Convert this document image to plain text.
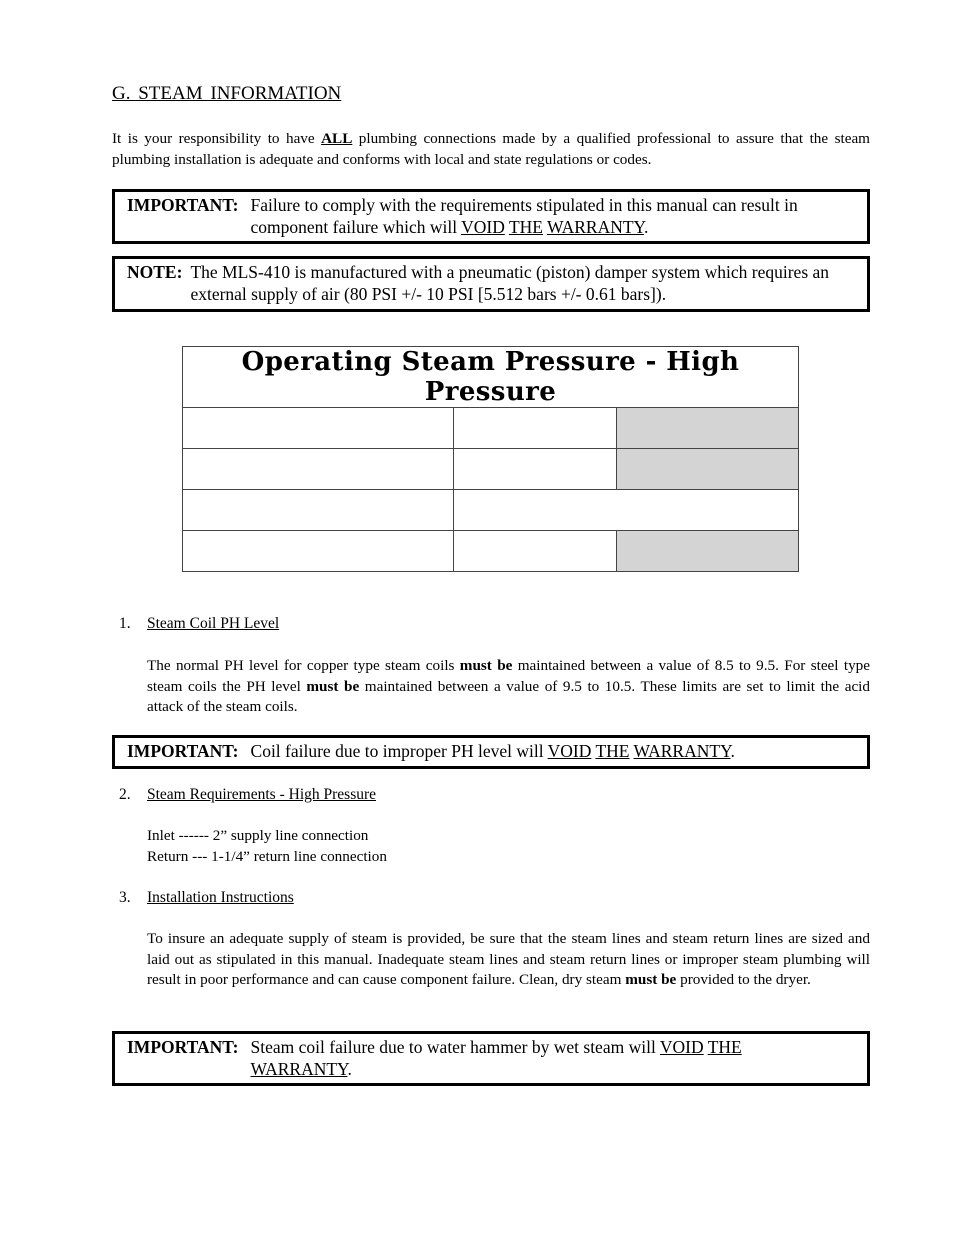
G. STEAM INFORMATION
It is your responsibility to have ALL plumbing connections made by a qualified professional to assure that the steam plumbing installation is adequate and conforms with local and state regulations or codes.
IMPORTANT: Failure to comply with the requirements stipulated in this manual can result in component failure which will VOID THE WARRANTY.
NOTE: The MLS-410 is manufactured with a pneumatic (piston) damper system which requires an external supply of air (80 PSI +/- 10 PSI [5.512 bars +/- 0.61 bars]).
1. Steam Coil PH Level
The normal PH level for copper type steam coils must be maintained between a value of 8.5 to 9.5. For steel type steam coils the PH level must be maintained between a value of 9.5 to 10.5. These limits are set to limit the acid attack of the steam coils.
IMPORTANT: Coil failure due to improper PH level will VOID THE WARRANTY.
2. Steam Requirements - High Pressure
Inlet ------ 2” supply line connection
Return --- 1-1/4” return line connection
3. Installation Instructions
To insure an adequate supply of steam is provided, be sure that the steam lines and steam return lines are sized and laid out as stipulated in this manual. Inadequate steam lines and steam return lines or improper steam plumbing will result in poor performance and can cause component failure. Clean, dry steam must be provided to the dryer.
IMPORTANT: Steam coil failure due to water hammer by wet steam will VOID THE
WARRANTY.
Operating Steam Pressure - High Pressure		
